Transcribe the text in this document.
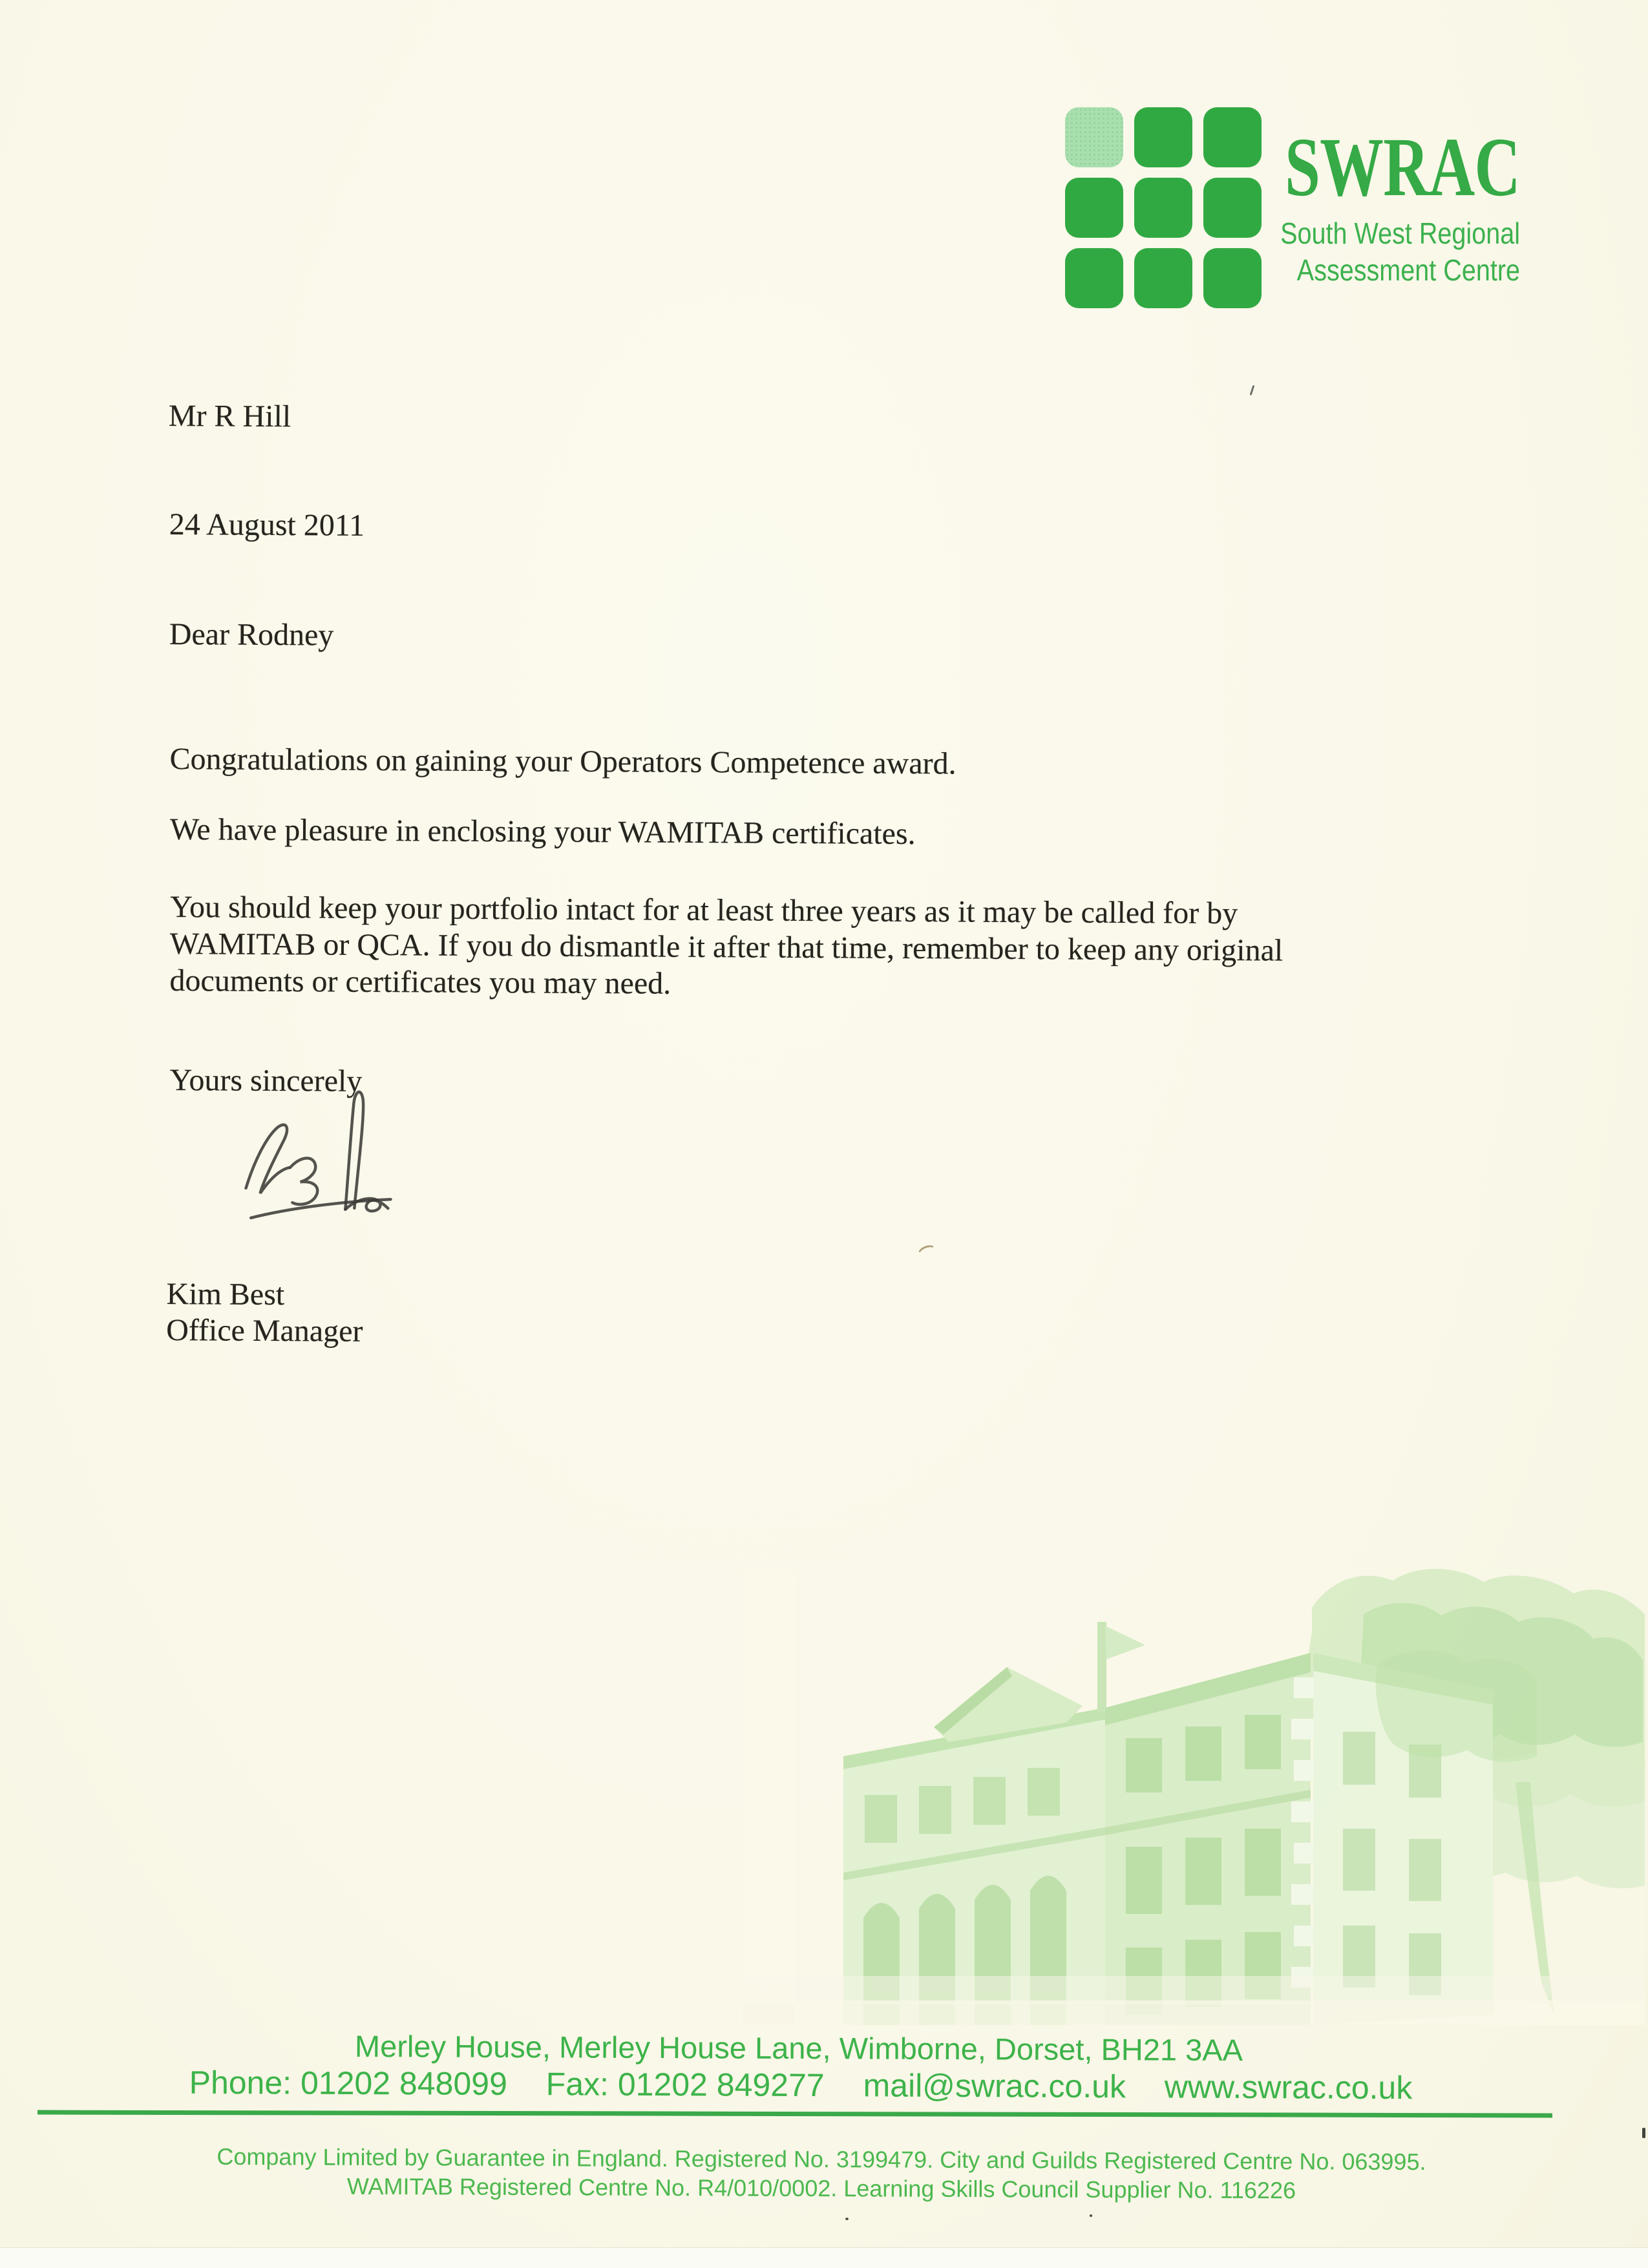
SWRAC
South West Regional
Assessment Centre
Mr R Hill
24 August 2011
Dear Rodney
Congratulations on gaining your Operators Competence award.
We have pleasure in enclosing your WAMITAB certificates.
You should keep your portfolio intact for at least three years as it may be called for by
WAMITAB or QCA. If you do dismantle it after that time, remember to keep any original
documents or certificates you may need.
Yours sincerely
Kim Best
Office Manager
Merley House, Merley House Lane, Wimborne, Dorset, BH21 3AA
Phone: 01202 848099 Fax: 01202 849277 mail@swrac.co.uk www.swrac.co.uk
Company Limited by Guarantee in England. Registered No. 3199479. City and Guilds Registered Centre No. 063995.
WAMITAB Registered Centre No. R4/010/0002. Learning Skills Council Supplier No. 116226
